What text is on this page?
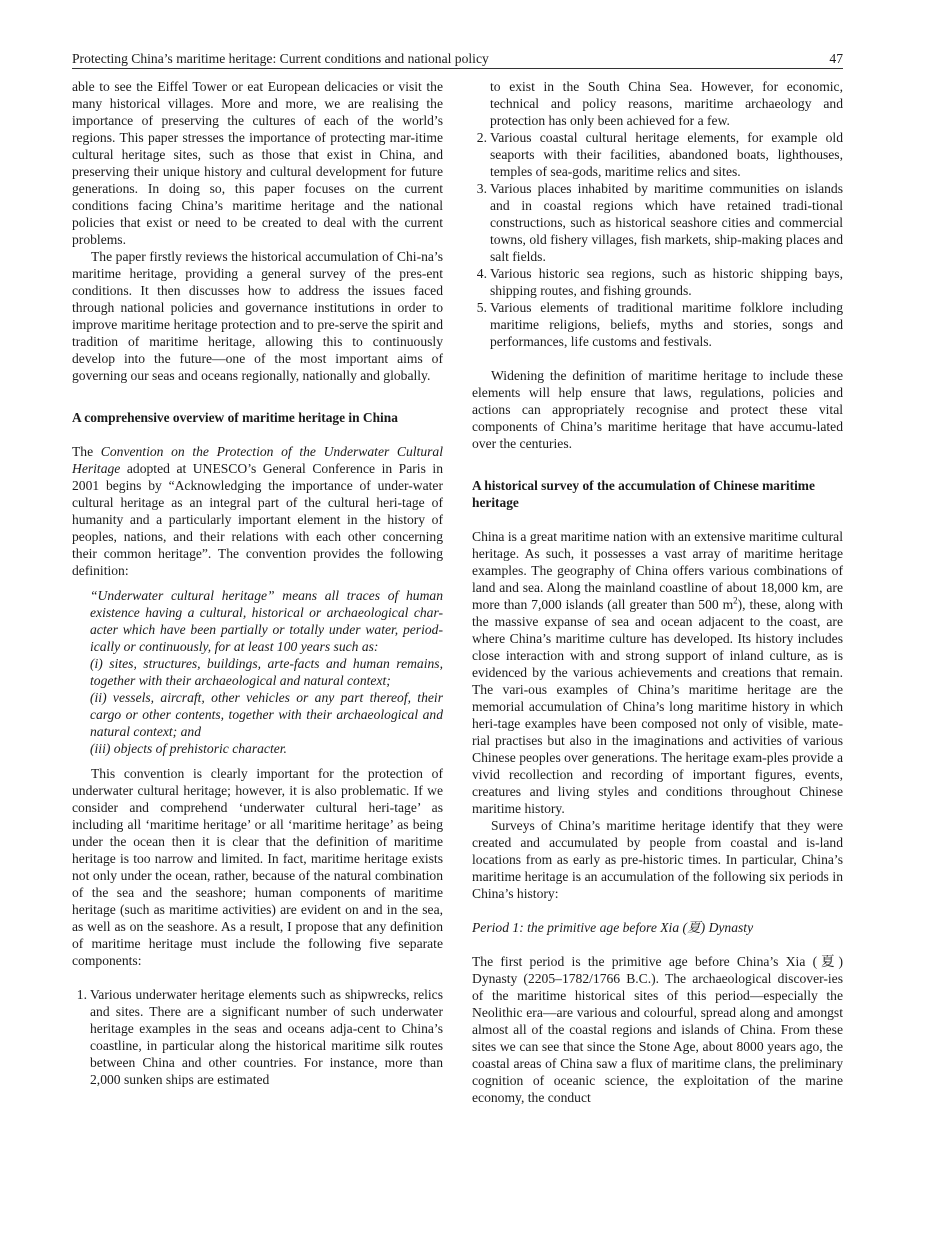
Protecting China’s maritime heritage: Current conditions and national policy	47

able to see the Eiffel Tower or eat European delicacies or visit the many historical villages. More and more, we are realising the importance of preserving the cultures of each of the world’s regions. This paper stresses the importance of protecting mar-itime cultural heritage sites, such as those that exist in China, and preserving their unique history and cultural development for future generations. In doing so, this paper focuses on the current conditions facing China’s maritime heritage and the national policies that exist or need to be created to deal with the current problems.

The paper firstly reviews the historical accumulation of Chi-na’s maritime heritage, providing a general survey of the pres-ent conditions. It then discusses how to address the issues faced through national policies and governance institutions in order to improve maritime heritage protection and to pre-serve the spirit and tradition of maritime heritage, allowing this to continuously develop into the future—one of the most important aims of governing our seas and oceans regionally, nationally and globally.

A comprehensive overview of maritime heritage in China

The Convention on the Protection of the Underwater Cultural Heritage adopted at UNESCO’s General Conference in Paris in 2001 begins by “Acknowledging the importance of under-water cultural heritage as an integral part of the cultural heri-tage of humanity and a particularly important element in the history of peoples, nations, and their relations with each other concerning their common heritage”. The convention provides the following definition:

“Underwater cultural heritage” means all traces of human existence having a cultural, historical or archaeological char-acter which have been partially or totally under water, period-ically or continuously, for at least 100 years such as:

(i) sites, structures, buildings, arte-facts and human remains, together with their archaeological and natural context;

(ii) vessels, aircraft, other vehicles or any part thereof, their cargo or other contents, together with their archaeological and natural context; and

(iii) objects of prehistoric character.

This convention is clearly important for the protection of underwater cultural heritage; however, it is also problematic. If we consider and comprehend ‘underwater cultural heri-tage’ as including all ‘maritime heritage’ or all ‘maritime heritage’ as being under the ocean then it is clear that the definition of maritime heritage is too narrow and limited. In fact, maritime heritage exists not only under the ocean, rather, because of the natural combination of the sea and the seashore; human components of maritime heritage (such as maritime activities) are evident on and in the sea, as well as on the seashore. As a result, I propose that any definition of maritime heritage must include the following five separate components:

1. Various underwater heritage elements such as shipwrecks, relics and sites. There are a significant number of such underwater heritage examples in the seas and oceans adja-cent to China’s coastline, in particular along the historical maritime silk routes between China and other countries. For instance, more than 2,000 sunken ships are estimated

to exist in the South China Sea. However, for economic, technical and policy reasons, maritime archaeology and protection has only been achieved for a few.

2. Various coastal cultural heritage elements, for example old seaports with their facilities, abandoned boats, lighthouses, temples of sea-gods, maritime relics and sites.
3. Various places inhabited by maritime communities on islands and in coastal regions which have retained tradi-tional constructions, such as historical seashore cities and commercial towns, old fishery villages, fish markets, ship-making places and salt fields.
4. Various historic sea regions, such as historic shipping bays, shipping routes, and fishing grounds.
5. Various elements of traditional maritime folklore including maritime religions, beliefs, myths and stories, songs and performances, life customs and festivals.

Widening the definition of maritime heritage to include these elements will help ensure that laws, regulations, policies and actions can appropriately recognise and protect these vital components of China’s maritime heritage that have accumu-lated over the centuries.

A historical survey of the accumulation of Chinese maritime heritage

China is a great maritime nation with an extensive maritime cultural heritage. As such, it possesses a vast array of maritime heritage examples. The geography of China offers various combinations of land and sea. Along the mainland coastline of about 18,000 km, are more than 7,000 islands (all greater than 500 $m^2$), these, along with the massive expanse of sea and ocean adjacent to the coast, are where China’s maritime culture has developed. Its history includes close interaction with and strong support of inland culture, as is evidenced by the various achievements and creations that remain. The vari-ous examples of China’s maritime heritage are the memorial accumulation of China’s long maritime history in which heri-tage examples have been composed not only of visible, mate-rial practises but also in the imaginations and activities of various Chinese peoples over generations. The heritage exam-ples provide a vivid recollection and recording of important figures, events, creatures and living styles and conditions throughout Chinese maritime history.

Surveys of China’s maritime heritage identify that they were created and accumulated by people from coastal and is-land locations from as early as pre-historic times. In particular, China’s maritime heritage is an accumulation of the following six periods in China’s history:

Period 1: the primitive age before Xia (夏) Dynasty

The first period is the primitive age before China’s Xia (夏) Dynasty (2205–1782/1766 B.C.). The archaeological discover-ies of the maritime historical sites of this period—especially the Neolithic era—are various and colourful, spread along and amongst almost all of the coastal regions and islands of China. From these sites we can see that since the Stone Age, about 8000 years ago, the coastal areas of China saw a flux of maritime clans, the preliminary cognition of oceanic science, the exploitation of the marine economy, the conduct
